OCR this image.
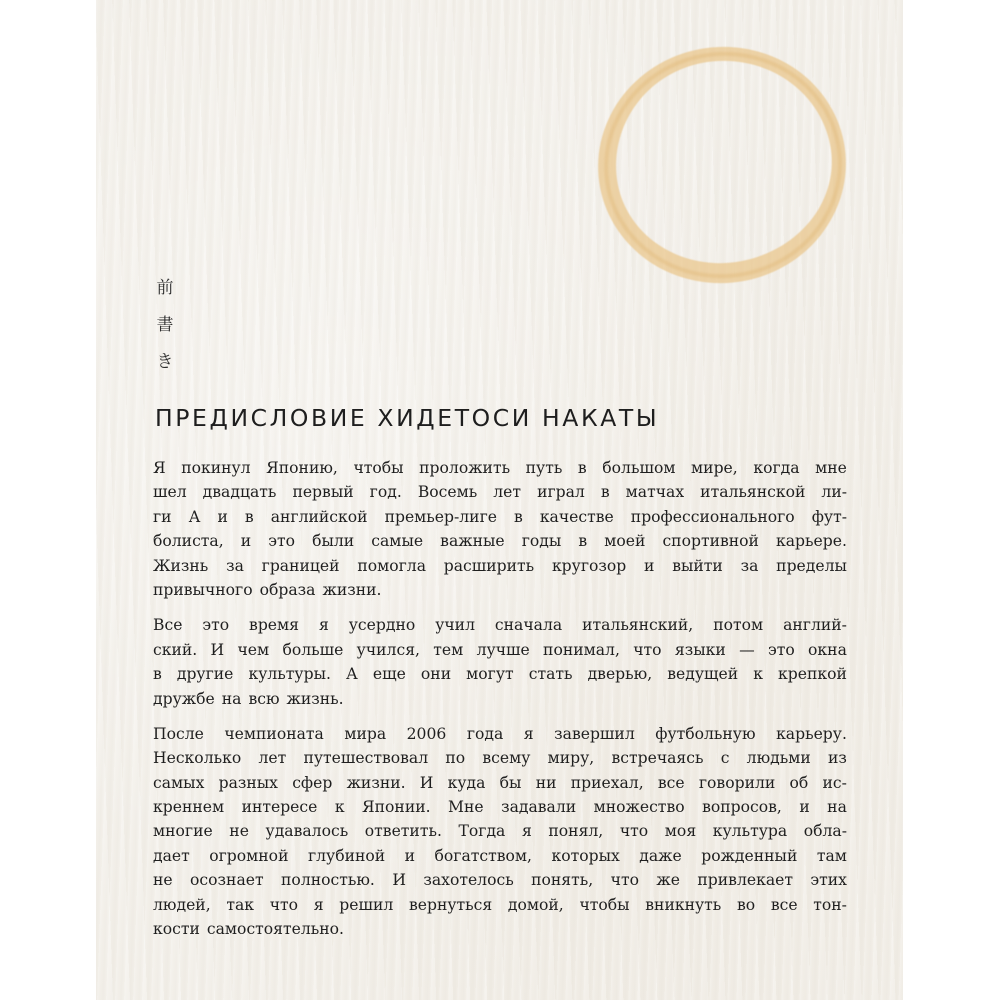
前
書
き
ПРЕДИСЛОВИЕ ХИДЕТОСИ НАКАТЫ
Я покинул Японию, чтобы проложить путь в большом мире, когда мне
шел двадцать первый год. Восемь лет играл в матчах итальянской ли-
ги А и в английской премьер-лиге в качестве профессионального фут-
болиста, и это были самые важные годы в моей спортивной карьере.
Жизнь за границей помогла расширить кругозор и выйти за пределы
привычного образа жизни.
Все это время я усердно учил сначала итальянский, потом англий-
ский. И чем больше учился, тем лучше понимал, что языки — это окна
в другие культуры. А еще они могут стать дверью, ведущей к крепкой
дружбе на всю жизнь.
После чемпионата мира 2006 года я завершил футбольную карьеру.
Несколько лет путешествовал по всему миру, встречаясь с людьми из
самых разных сфер жизни. И куда бы ни приехал, все говорили об ис-
креннем интересе к Японии. Мне задавали множество вопросов, и на
многие не удавалось ответить. Тогда я понял, что моя культура обла-
дает огромной глубиной и богатством, которых даже рожденный там
не осознает полностью. И захотелось понять, что же привлекает этих
людей, так что я решил вернуться домой, чтобы вникнуть во все тон-
кости самостоятельно.
